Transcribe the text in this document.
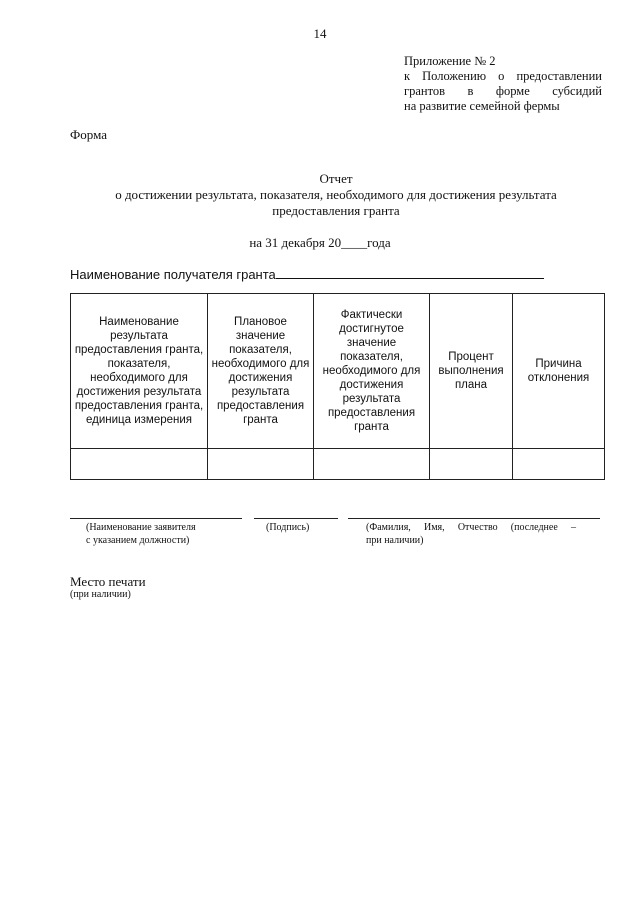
14
Приложение № 2
к Положению о предоставлении
грантов в форме субсидий
на развитие семейной фермы
Форма
Отчет
о достижении результата, показателя, необходимого для достижения результата
предоставления гранта
на 31 декабря 20____года
Наименование получателя гранта
Наименование результата предоставления гранта, показателя, необходимого для достижения результата предоставления гранта, единица измерения	Плановое значение показателя, необходимого для достижения результата предоставления гранта	Фактически достигнутое значение показателя, необходимого для достижения результата предоставления гранта	Процент выполнения плана	Причина отклонения

(Наименование заявителя
с указанием должности)
(Подпись)	(Фамилия, Имя, Отчество (последнее –
при наличии)
Место печати
(при наличии)
